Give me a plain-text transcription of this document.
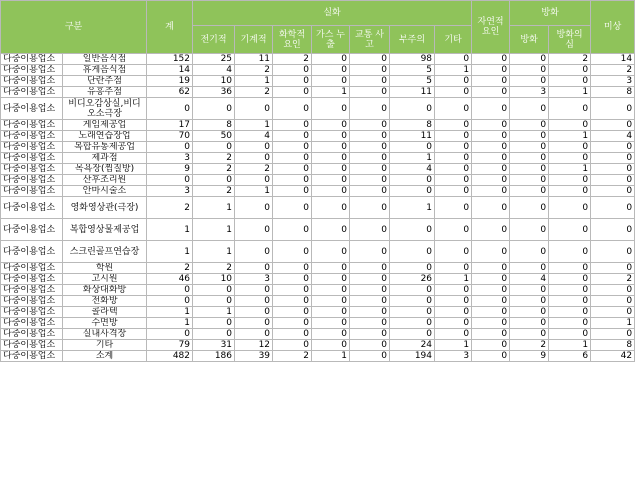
구분		계	실화							자연적 요인	방화		미상
			전기적	기계적	화학적 요인	가스 누출	교통 사고	부주의	기타		방화	방화의 심	
다중이용업소	일반음식점	152	25	11	2	0	0	98	0	0	0	2	14
다중이용업소	휴게음식점	14	4	2	0	0	0	5	1	0	0	0	2
다중이용업소	단란주점	19	10	1	0	0	0	5	0	0	0	0	3
다중이용업소	유흥주점	62	36	2	0	1	0	11	0	0	3	1	8
다중이용업소	비디오감상실,비디오소극장	0	0	0	0	0	0	0	0	0	0	0	0
다중이용업소	게임제공업	17	8	1	0	0	0	8	0	0	0	0	0
다중이용업소	노래연습장업	70	50	4	0	0	0	11	0	0	0	1	4
다중이용업소	복합유통제공업	0	0	0	0	0	0	0	0	0	0	0	0
다중이용업소	제과점	3	2	0	0	0	0	1	0	0	0	0	0
다중이용업소	목욕장(찜질방)	9	2	2	0	0	0	4	0	0	0	1	0
다중이용업소	산후조리원	0	0	0	0	0	0	0	0	0	0	0	0
다중이용업소	안마시술소	3	2	1	0	0	0	0	0	0	0	0	0
다중이용업소	영화영상관(극장)	2	1	0	0	0	0	1	0	0	0	0	0
다중이용업소	복합영상물제공업	1	1	0	0	0	0	0	0	0	0	0	0
다중이용업소	스크린골프연습장	1	1	0	0	0	0	0	0	0	0	0	0
다중이용업소	학원	2	2	0	0	0	0	0	0	0	0	0	0
다중이용업소	고시원	46	10	3	0	0	0	26	1	0	4	0	2
다중이용업소	화상대화방	0	0	0	0	0	0	0	0	0	0	0	0
다중이용업소	전화방	0	0	0	0	0	0	0	0	0	0	0	0
다중이용업소	콜라텍	1	1	0	0	0	0	0	0	0	0	0	0
다중이용업소	수면방	1	0	0	0	0	0	0	0	0	0	0	1
다중이용업소	실내사격장	0	0	0	0	0	0	0	0	0	0	0	0
다중이용업소	기타	79	31	12	0	0	0	24	1	0	2	1	8
다중이용업소	소계	482	186	39	2	1	0	194	3	0	9	6	42
